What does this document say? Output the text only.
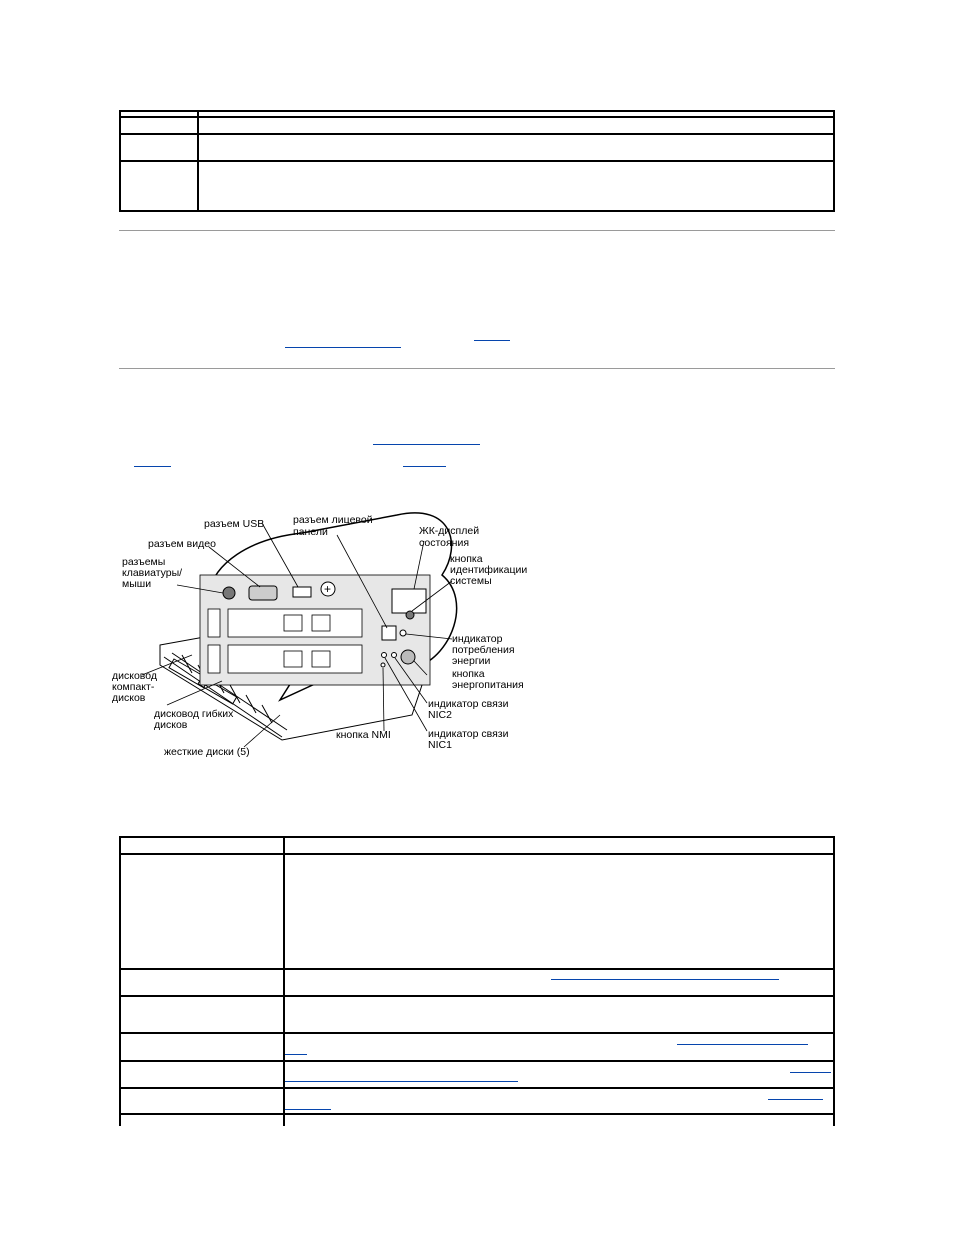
+
разъем USB	разъем лицевой панели
разъем видео
разъемы клавиатуры/ мыши
ЖК-дисплей состояния
кнопка идентификации системы
индикатор потребления энергии
кнопка энергопитания
индикатор связи NIC2
индикатор связи NIC1
кнопка NMI
дисковод компакт-дисков
дисковод гибких дисков
жесткие диски (5)
